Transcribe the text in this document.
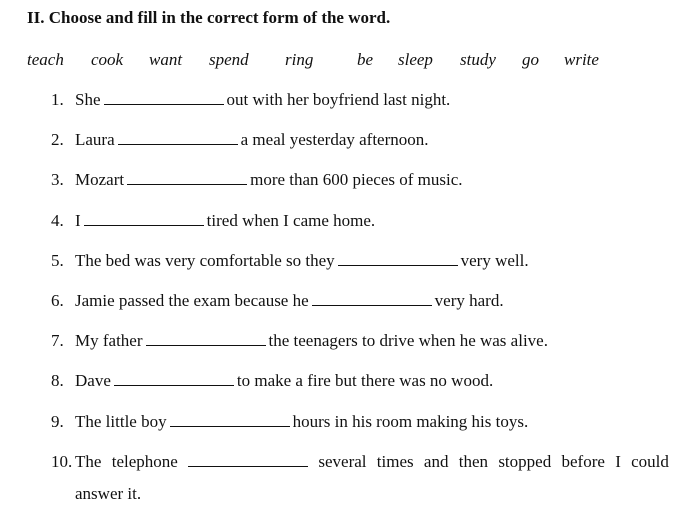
II. Choose and fill in the correct form of the word.
teach cook want spend ring	be sleep study go write
1. She	out with her boyfriend last night.
2. Laura	a meal yesterday afternoon.
3. Mozart	more than 600 pieces of music.
4. I	tired when I came home.
5. The bed was very comfortable so they	very well.
6. Jamie passed the exam because he	very hard.
7. My father	the teenagers to drive when he was alive.
8. Dave	to make a fire but there was no wood.
9. The little boy	hours in his room making his toys.
10. The telephone	several times and then stopped before I could
answer it.
